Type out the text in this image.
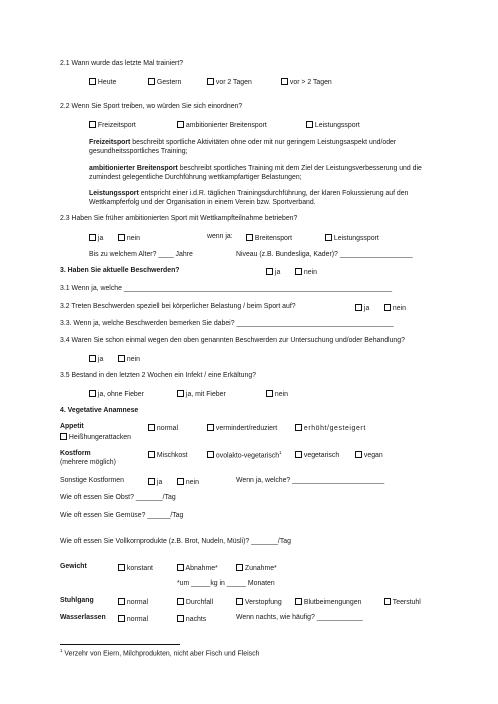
2.1 Wann wurde das letzte Mal trainiert?
Heute	Gestern	vor 2 Tagen	vor > 2 Tagen
2.2 Wenn Sie Sport treiben, wo würden Sie sich einordnen?
Freizeitsport	ambitionierter Breitensport	Leistungssport
Freizeitsport beschreibt sportliche Aktivitäten ohne oder mit nur geringem Leistungsaspekt und/oder gesundheitssportliches Training;
ambitionierter Breitensport beschreibt sportliches Training mit dem Ziel der Leistungsverbesserung und die zumindest gelegentliche Durchführung wettkampfartiger Belastungen;
Leistungssport entspricht einer i.d.R. täglichen Trainingsdurchführung, der klaren Fokussierung auf den Wettkampferfolg und der Organisation in einem Verein bzw. Sportverband.
2.3 Haben Sie früher ambitionierten Sport mit Wettkampfteilnahme betrieben?
ja	nein	wenn ja:	Breitensport	Leistungssport
Bis zu welchem Alter? ____ Jahre	Niveau (z.B. Bundesliga, Kader)? ___________________
3. Haben Sie aktuelle Beschwerden?	ja	nein
3.1 Wenn ja, welche ______________________________________________________________________
3.2 Treten Beschwerden speziell bei körperlicher Belastung / beim Sport auf?	ja	nein
3.3. Wenn ja, welche Beschwerden bemerken Sie dabei? _________________________________________
3.4 Waren Sie schon einmal wegen den oben genannten Beschwerden zur Untersuchung und/oder Behandlung?
ja	nein
3.5 Bestand in den letzten 2 Wochen ein Infekt / eine Erkältung?
ja, ohne Fieber	ja, mit Fieber	nein
4. Vegetative Anamnese
Appetit	normal	vermindert/reduziert	erhöht/gesteigert
Heißhungerattacken
Kostform
(mehrere möglich)
Mischkost	ovolakto-vegetarisch$^1$	vegetarisch	vegan
Sonstige Kostformen	ja	nein	Wenn ja, welche? ________________________
Wie oft essen Sie Obst? _______/Tag
Wie oft essen Sie Gemüse? ______/Tag
Wie oft essen Sie Vollkornprodukte (z.B. Brot, Nudeln, Müsli)? _______/Tag
Gewicht	konstant	Abnahme*	Zunahme*
*um _____kg in _____ Monaten
Stuhlgang	normal	Durchfall	Verstopfung	Blutbeimengungen	Teerstuhl
Wasserlassen	normal	nachts	Wenn nachts, wie häufig? ____________
$^1$ Verzehr von Eiern, Milchprodukten, nicht aber Fisch und Fleisch
